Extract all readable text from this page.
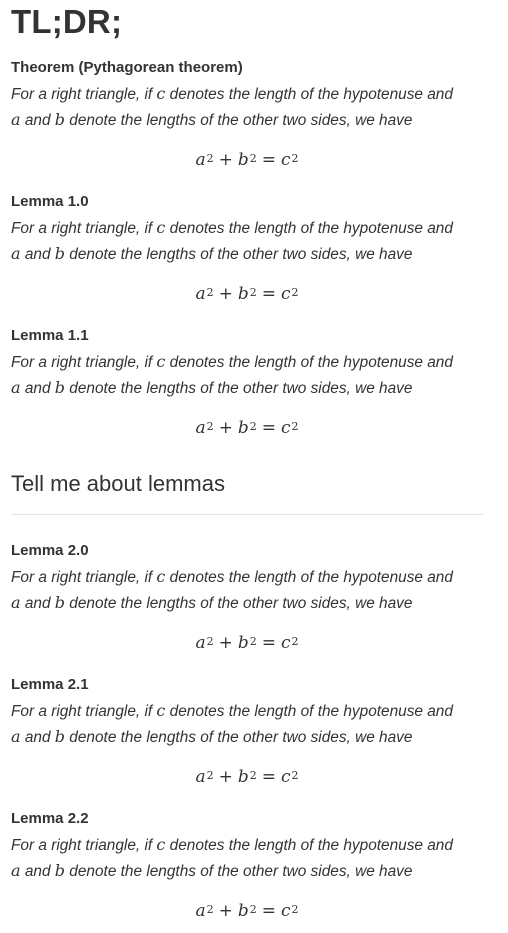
TL;DR;
Theorem (Pythagorean theorem)
For a right triangle, if c denotes the length of the hypotenuse and
a and b denote the lengths of the other two sides, we have
$a^2 + b^2 = c^2$
Lemma 1.0
For a right triangle, if c denotes the length of the hypotenuse and
a and b denote the lengths of the other two sides, we have
$a^2 + b^2 = c^2$
Lemma 1.1
For a right triangle, if c denotes the length of the hypotenuse and
a and b denote the lengths of the other two sides, we have
$a^2 + b^2 = c^2$
Tell me about lemmas
Lemma 2.0
For a right triangle, if c denotes the length of the hypotenuse and
a and b denote the lengths of the other two sides, we have
$a^2 + b^2 = c^2$
Lemma 2.1
For a right triangle, if c denotes the length of the hypotenuse and
a and b denote the lengths of the other two sides, we have
$a^2 + b^2 = c^2$
Lemma 2.2
For a right triangle, if c denotes the length of the hypotenuse and
a and b denote the lengths of the other two sides, we have
$a^2 + b^2 = c^2$
